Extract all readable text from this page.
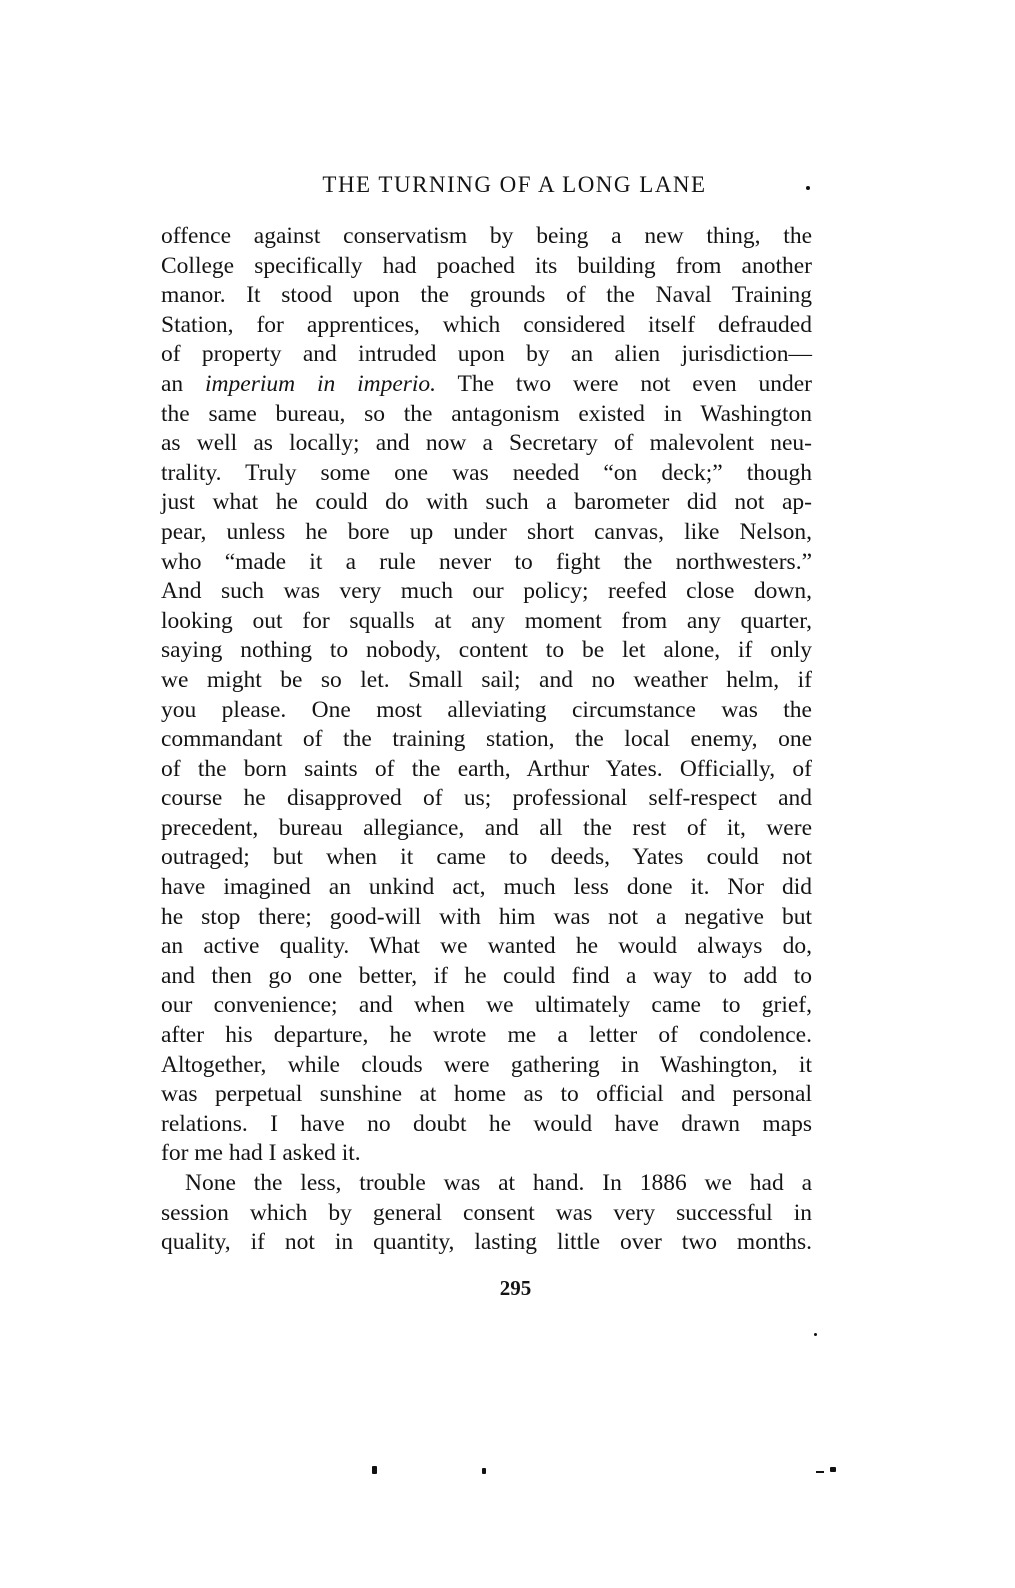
THE TURNING OF A LONG LANE
offence against conservatism by being a new thing, the
College specifically had poached its building from another
manor. It stood upon the grounds of the Naval Training
Station, for apprentices, which considered itself defrauded
of property and intruded upon by an alien jurisdiction—
an imperium in imperio. The two were not even under
the same bureau, so the antagonism existed in Washington
as well as locally; and now a Secretary of malevolent neu-
trality. Truly some one was needed “on deck;” though
just what he could do with such a barometer did not ap-
pear, unless he bore up under short canvas, like Nelson,
who “made it a rule never to fight the northwesters.”
And such was very much our policy; reefed close down,
looking out for squalls at any moment from any quarter,
saying nothing to nobody, content to be let alone, if only
we might be so let. Small sail; and no weather helm, if
you please. One most alleviating circumstance was the
commandant of the training station, the local enemy, one
of the born saints of the earth, Arthur Yates. Officially, of
course he disapproved of us; professional self-respect and
precedent, bureau allegiance, and all the rest of it, were
outraged; but when it came to deeds, Yates could not
have imagined an unkind act, much less done it. Nor did
he stop there; good-will with him was not a negative but
an active quality. What we wanted he would always do,
and then go one better, if he could find a way to add to
our convenience; and when we ultimately came to grief,
after his departure, he wrote me a letter of condolence.
Altogether, while clouds were gathering in Washington, it
was perpetual sunshine at home as to official and personal
relations. I have no doubt he would have drawn maps
for me had I asked it.
None the less, trouble was at hand. In 1886 we had a
session which by general consent was very successful in
quality, if not in quantity, lasting little over two months.
295
